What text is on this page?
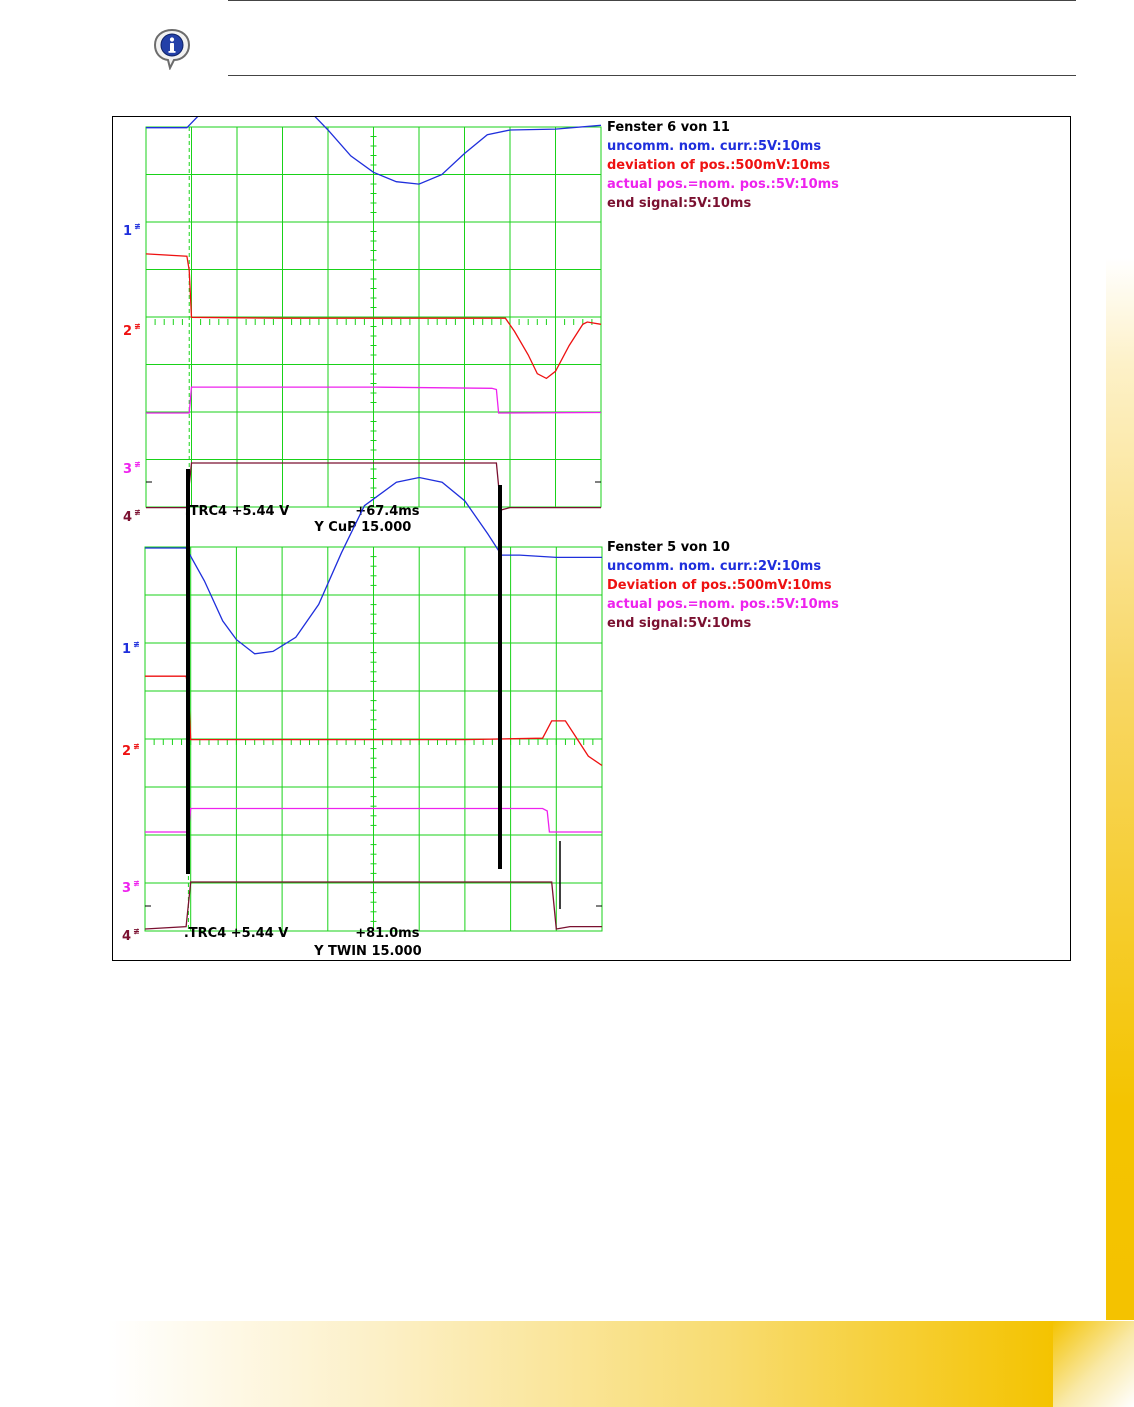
1 ≢
2 ≢
3 ≢
4 ≢
Fenster 6 von 11
uncomm. nom. curr.:5V:10ms
deviation of pos.:500mV:10ms
actual pos.=nom. pos.:5V:10ms
end signal:5V:10ms
.TRC4 +5.44 V	+67.4ms
Y CuP 15.000
1 ≢
2 ≢
3 ≢
4 ≢
Fenster 5 von 10
uncomm. nom. curr.:2V:10ms
Deviation of pos.:500mV:10ms
actual pos.=nom. pos.:5V:10ms
end signal:5V:10ms
.TRC4 +5.44 V	+81.0ms
Y TWIN 15.000
